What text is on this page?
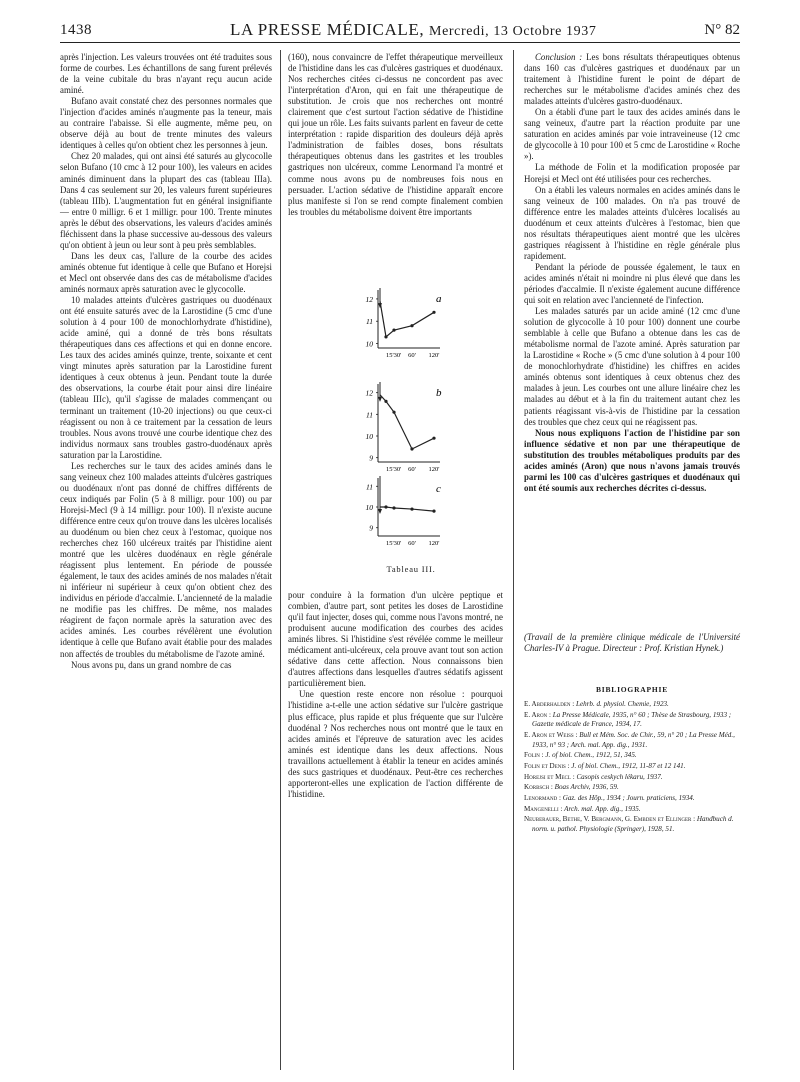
1438	LA PRESSE MÉDICALE, Mercredi, 13 Octobre 1937	N° 82

après l'injection. Les valeurs trouvées ont été traduites sous forme de courbes. Les échantillons de sang furent prélevés de la veine cubitale du bras n'ayant reçu aucun acide aminé.

Bufano avait constaté chez des personnes normales que l'injection d'acides aminés n'augmente pas la teneur, mais au contraire l'abaisse. Si elle augmente, même peu, on observe déjà au bout de trente minutes des valeurs identiques à celles qu'on obtient chez les personnes à jeun.

Chez 20 malades, qui ont ainsi été saturés au glycocolle selon Bufano (10 cmc à 12 pour 100), les valeurs en acides aminés diminuent dans la plupart des cas (tableau IIIa). Dans 4 cas seulement sur 20, les valeurs furent supérieures (tableau IIIb). L'augmentation fut en général insignifiante — entre 0 milligr. 6 et 1 milligr. pour 100. Trente minutes après le début des observations, les valeurs d'acides aminés fléchissent dans la phase successive au-dessous des valeurs qu'on obtient à jeun ou leur sont à peu près semblables.

Dans les deux cas, l'allure de la courbe des acides aminés obtenue fut identique à celle que Bufano et Horejsi et Mecl ont observée dans des cas de métabolisme d'acides aminés normaux après saturation avec le glycocolle.

10 malades atteints d'ulcères gastriques ou duodénaux ont été ensuite saturés avec de la Larostidine (5 cmc d'une solution à 4 pour 100 de monochlorhydrate d'histidine), acide aminé, qui a donné de très bons résultats thérapeutiques dans ces affections et qui en donne encore. Les taux des acides aminés quinze, trente, soixante et cent vingt minutes après saturation par la Larostidine furent identiques à ceux obtenus à jeun. Pendant toute la durée des observations, la courbe était pour ainsi dire linéaire (tableau IIIc), qu'il s'agisse de malades commençant ou terminant un traitement (10-20 injections) ou que ceux-ci réagissent ou non à ce traitement par la cessation de leurs troubles. Nous avons trouvé une courbe identique chez des individus normaux sans troubles gastro-duodénaux après saturation par la Larostidine.

Les recherches sur le taux des acides aminés dans le sang veineux chez 100 malades atteints d'ulcères gastriques ou duodénaux n'ont pas donné de chiffres différents de ceux indiqués par Folin (5 à 8 milligr. pour 100) ou par Horejsi-Mecl (9 à 14 milligr. pour 100). Il n'existe aucune différence entre ceux qu'on trouve dans les ulcères localisés au duodénum ou bien chez ceux à l'estomac, quoique nos recherches chez 160 ulcéreux traités par l'histidine aient montré que les ulcères duodénaux en règle générale réagissent plus lentement. En période de poussée également, le taux des acides aminés de nos malades n'était ni inférieur ni supérieur à ceux qu'on obtient chez des individus en période d'accalmie. L'ancienneté de la maladie ne modifie pas les chiffres. De même, nos malades réagirent de façon normale après la saturation avec des acides aminés. Les courbes révélèrent une évolution identique à celle que Bufano avait établie pour des malades non affectés de troubles du métabolisme de l'azote aminé.

Nous avons pu, dans un grand nombre de cas

(160), nous convaincre de l'effet thérapeutique merveilleux de l'histidine dans les cas d'ulcères gastriques et duodénaux. Nos recherches citées ci-dessus ne concordent pas avec l'interprétation d'Aron, qui en fait une thérapeutique de substitution. Je crois que nos recherches ont montré clairement que c'est surtout l'action sédative de l'histidine qui joue un rôle. Les faits suivants parlent en faveur de cette interprétation : rapide disparition des douleurs déjà après l'administration de faibles doses, bons résultats thérapeutiques obtenus dans les gastrites et les troubles gastriques non ulcéreux, comme Lenormand l'a montré et comme nous avons pu de nombreuses fois nous en persuader. L'action sédative de l'histidine apparaît encore plus manifeste si l'on se rend compte finalement combien les troubles du métabolisme doivent être importants

12
11
10
15'30' 60' 120'
a
12
11
10
9
15'30' 60' 120'
b
11
10
9
15'30' 60' 120'
c
Tableau III.

pour conduire à la formation d'un ulcère peptique et combien, d'autre part, sont petites les doses de Larostidine qu'il faut injecter, doses qui, comme nous l'avons montré, ne produisent aucune modification des courbes des acides aminés libres. Si l'histidine s'est révélée comme le meilleur médicament anti-ulcéreux, cela prouve avant tout son action sédative dans cette affection. Nous connaissons bien d'autres affections dans lesquelles d'autres sédatifs agissent particulièrement bien.

Une question reste encore non résolue : pourquoi l'histidine a-t-elle une action sédative sur l'ulcère gastrique plus efficace, plus rapide et plus fréquente que sur l'ulcère duodénal ? Nos recherches nous ont montré que le taux en acides aminés et l'épreuve de saturation avec les acides aminés est identique dans les deux affections. Nous travaillons actuellement à établir la teneur en acides aminés des sucs gastriques et duodénaux. Peut-être ces recherches apporteront-elles une explication de l'action différente de l'histidine.

Conclusion : Les bons résultats thérapeutiques obtenus dans 160 cas d'ulcères gastriques et duodénaux par un traitement à l'histidine furent le point de départ de recherches sur le métabolisme d'acides aminés chez des malades atteints d'ulcères gastro-duodénaux.

On a établi d'une part le taux des acides aminés dans le sang veineux, d'autre part la réaction produite par une saturation en acides aminés par voie intraveineuse (12 cmc de glycocolle à 10 pour 100 et 5 cmc de Larostidine « Roche »).

La méthode de Folin et la modification proposée par Horejsi et Mecl ont été utilisées pour ces recherches.

On a établi les valeurs normales en acides aminés dans le sang veineux de 100 malades. On n'a pas trouvé de différence entre les malades atteints d'ulcères localisés au duodénum et ceux atteints d'ulcères à l'estomac, bien que nos résultats thérapeutiques aient montré que les ulcères gastriques réagissent à l'histidine en règle générale plus rapidement.

Pendant la période de poussée également, le taux en acides aminés n'était ni moindre ni plus élevé que dans les périodes d'accalmie. Il n'existe également aucune différence qui soit en relation avec l'ancienneté de l'infection.

Les malades saturés par un acide aminé (12 cmc d'une solution de glycocolle à 10 pour 100) donnent une courbe semblable à celle que Bufano a obtenue dans les cas de métabolisme normal de l'azote aminé. Après saturation par la Larostidine « Roche » (5 cmc d'une solution à 4 pour 100 de monochlorhydrate d'histidine) les chiffres en acides aminés obtenus sont identiques à ceux obtenus chez des malades à jeun. Les courbes ont une allure linéaire chez les malades au début et à la fin du traitement autant chez les patients réagissant vis-à-vis de l'histidine par la cessation des troubles que chez ceux qui ne réagissent pas.

Nous nous expliquons l'action de l'histidine par son influence sédative et non par une thérapeutique de substitution des troubles métaboliques produits par des acides aminés (Aron) que nous n'avons jamais trouvés parmi les 100 cas d'ulcères gastriques et duodénaux qui ont été soumis aux recherches décrites ci-dessus.

(Travail de la première clinique médicale de l'Université Charles-IV à Prague. Directeur : Prof. Kristian Hynek.)
BIBLIOGRAPHIE
E. Abderhalden : Lehrb. d. physiol. Chemie, 1923.
E. Aron : La Presse Médicale, 1935, n° 60 ; Thèse de Strasbourg, 1933 ; Gazette médicale de France, 1934, 17.
E. Aron et Weiss : Bull et Mém. Soc. de Chir., 59, n° 20 ; La Presse Méd., 1933, n° 93 ; Arch. mal. App. dig., 1931.
Folin : J. of biol. Chem., 1912, 51, 345.
Folin et Denis : J. of biol. Chem., 1912, 11-87 et 12 141.
Horejsi et Mecl : Casopis ceskych lékaru, 1937.
Korbsch : Boas Archiv, 1936, 59.
Lenormand : Gaz. des Hôp., 1934 ; Journ. praticiens, 1934.
Mangenelli : Arch. mal. App. dig., 1935.
Neuberauer, Bethe, V. Bergmann, G. Embden et Ellinger : Handbuch d. norm. u. pathol. Physiologie (Springer), 1928, 51.
